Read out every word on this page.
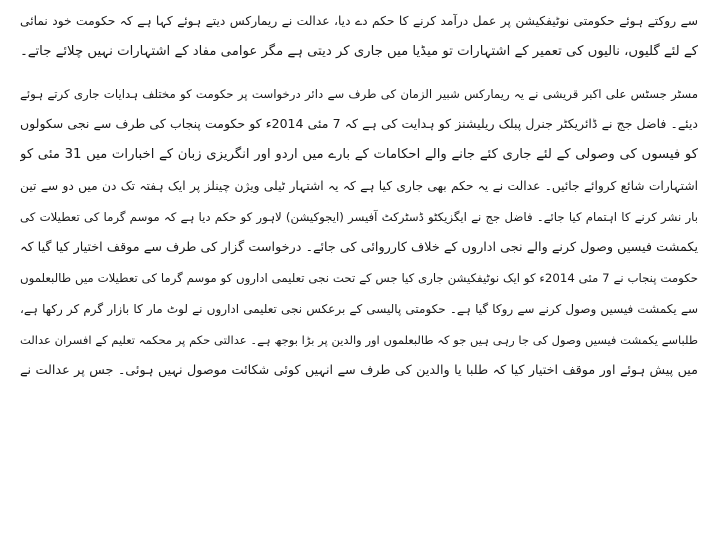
سے روکتے ہوئے حکومتی نوٹیفکیشن پر عمل درآمد کرنے کا حکم دے دیا، عدالت نے ریمارکس دیتے ہوئے کہا ہے کہ حکومت خود نمائی
کے لئے گلیوں، نالیوں کی تعمیر کے اشتہارات تو میڈیا میں جاری کر دیتی ہے مگر عوامی مفاد کے اشتہارات نہیں چلائے جاتے۔
مسٹر جسٹس علی اکبر قریشی نے یہ ریمارکس شبیر الزمان کی طرف سے دائر درخواست پر حکومت کو مختلف ہدایات جاری کرتے ہوئے
دیئے۔ فاضل جج نے ڈائریکٹر جنرل پبلک ریلیشنز کو ہدایت کی ہے کہ 7 مئی 2014ء کو حکومت پنجاب کی طرف سے نجی سکولوں
کو فیسوں کی وصولی کے لئے جاری کئے جانے والے احکامات کے بارے میں اردو اور انگریزی زبان کے اخبارات میں 31 مئی کو
اشتہارات شائع کروائے جائیں۔ عدالت نے یہ حکم بھی جاری کیا ہے کہ یہ اشتہار ٹیلی ویژن چینلز پر ایک ہفتہ تک دن میں دو سے تین
بار نشر کرنے کا اہتمام کیا جائے۔ فاضل جج نے ایگزیکٹو ڈسٹرکٹ آفیسر (ایجوکیشن) لاہور کو حکم دیا ہے کہ موسم گرما کی تعطیلات کی
یکمشت فیسیں وصول کرنے والے نجی اداروں کے خلاف کارروائی کی جائے۔ درخواست گزار کی طرف سے موقف اختیار کیا گیا کہ
حکومت پنجاب نے 7 مئی 2014ء کو ایک نوٹیفکیشن جاری کیا جس کے تحت نجی تعلیمی اداروں کو موسم گرما کی تعطیلات میں طالبعلموں
سے یکمشت فیسیں وصول کرنے سے روکا گیا ہے۔ حکومتی پالیسی کے برعکس نجی تعلیمی اداروں نے لوٹ مار کا بازار گرم کر رکھا ہے،
طلباسے یکمشت فیسیں وصول کی جا رہی ہیں جو کہ طالبعلموں اور والدین پر بڑا بوجھ ہے۔ عدالتی حکم پر محکمہ تعلیم کے افسران عدالت
میں پیش ہوئے اور موقف اختیار کیا کہ طلبا یا والدین کی طرف سے انہیں کوئی شکائت موصول نہیں ہوئی۔ جس پر عدالت نے
